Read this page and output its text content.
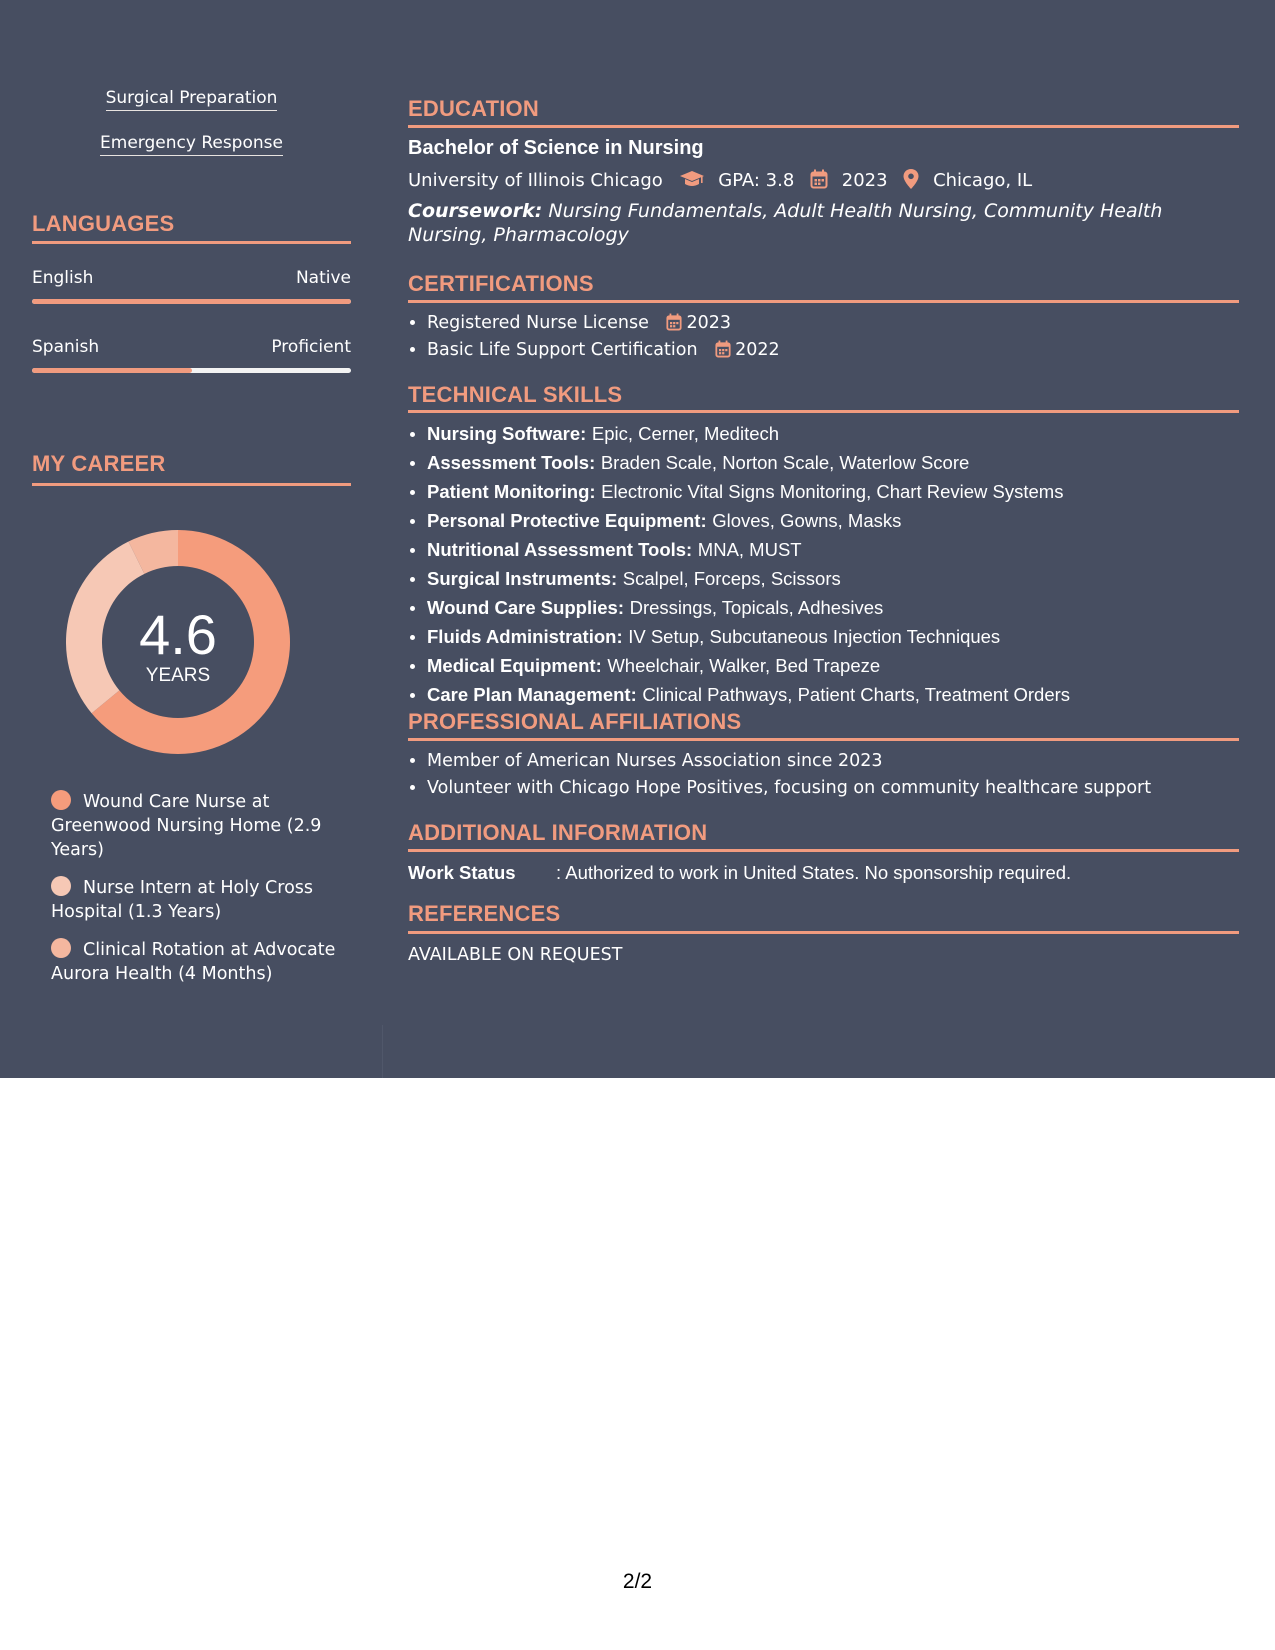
Surgical Preparation
Emergency Response
LANGUAGES
English	Native
Spanish	Proficient
MY CAREER
4.6
YEARS
Wound Care Nurse at Greenwood Nursing Home (2.9 Years)
Nurse Intern at Holy Cross Hospital (1.3 Years)
Clinical Rotation at Advocate Aurora Health (4 Months)
EDUCATION
Bachelor of Science in Nursing
University of Illinois Chicago	GPA: 3.8	2023	Chicago, IL
Coursework: Nursing Fundamentals, Adult Health Nursing, Community Health Nursing, Pharmacology
CERTIFICATIONS
• Registered Nurse License 2023
• Basic Life Support Certification 2022
TECHNICAL SKILLS
• Nursing Software: Epic, Cerner, Meditech
• Assessment Tools: Braden Scale, Norton Scale, Waterlow Score
• Patient Monitoring: Electronic Vital Signs Monitoring, Chart Review Systems
• Personal Protective Equipment: Gloves, Gowns, Masks
• Nutritional Assessment Tools: MNA, MUST
• Surgical Instruments: Scalpel, Forceps, Scissors
• Wound Care Supplies: Dressings, Topicals, Adhesives
• Fluids Administration: IV Setup, Subcutaneous Injection Techniques
• Medical Equipment: Wheelchair, Walker, Bed Trapeze
• Care Plan Management: Clinical Pathways, Patient Charts, Treatment Orders
PROFESSIONAL AFFILIATIONS
• Member of American Nurses Association since 2023
• Volunteer with Chicago Hope Positives, focusing on community healthcare support
ADDITIONAL INFORMATION
Work Status : Authorized to work in United States. No sponsorship required.
REFERENCES
AVAILABLE ON REQUEST
2/2
